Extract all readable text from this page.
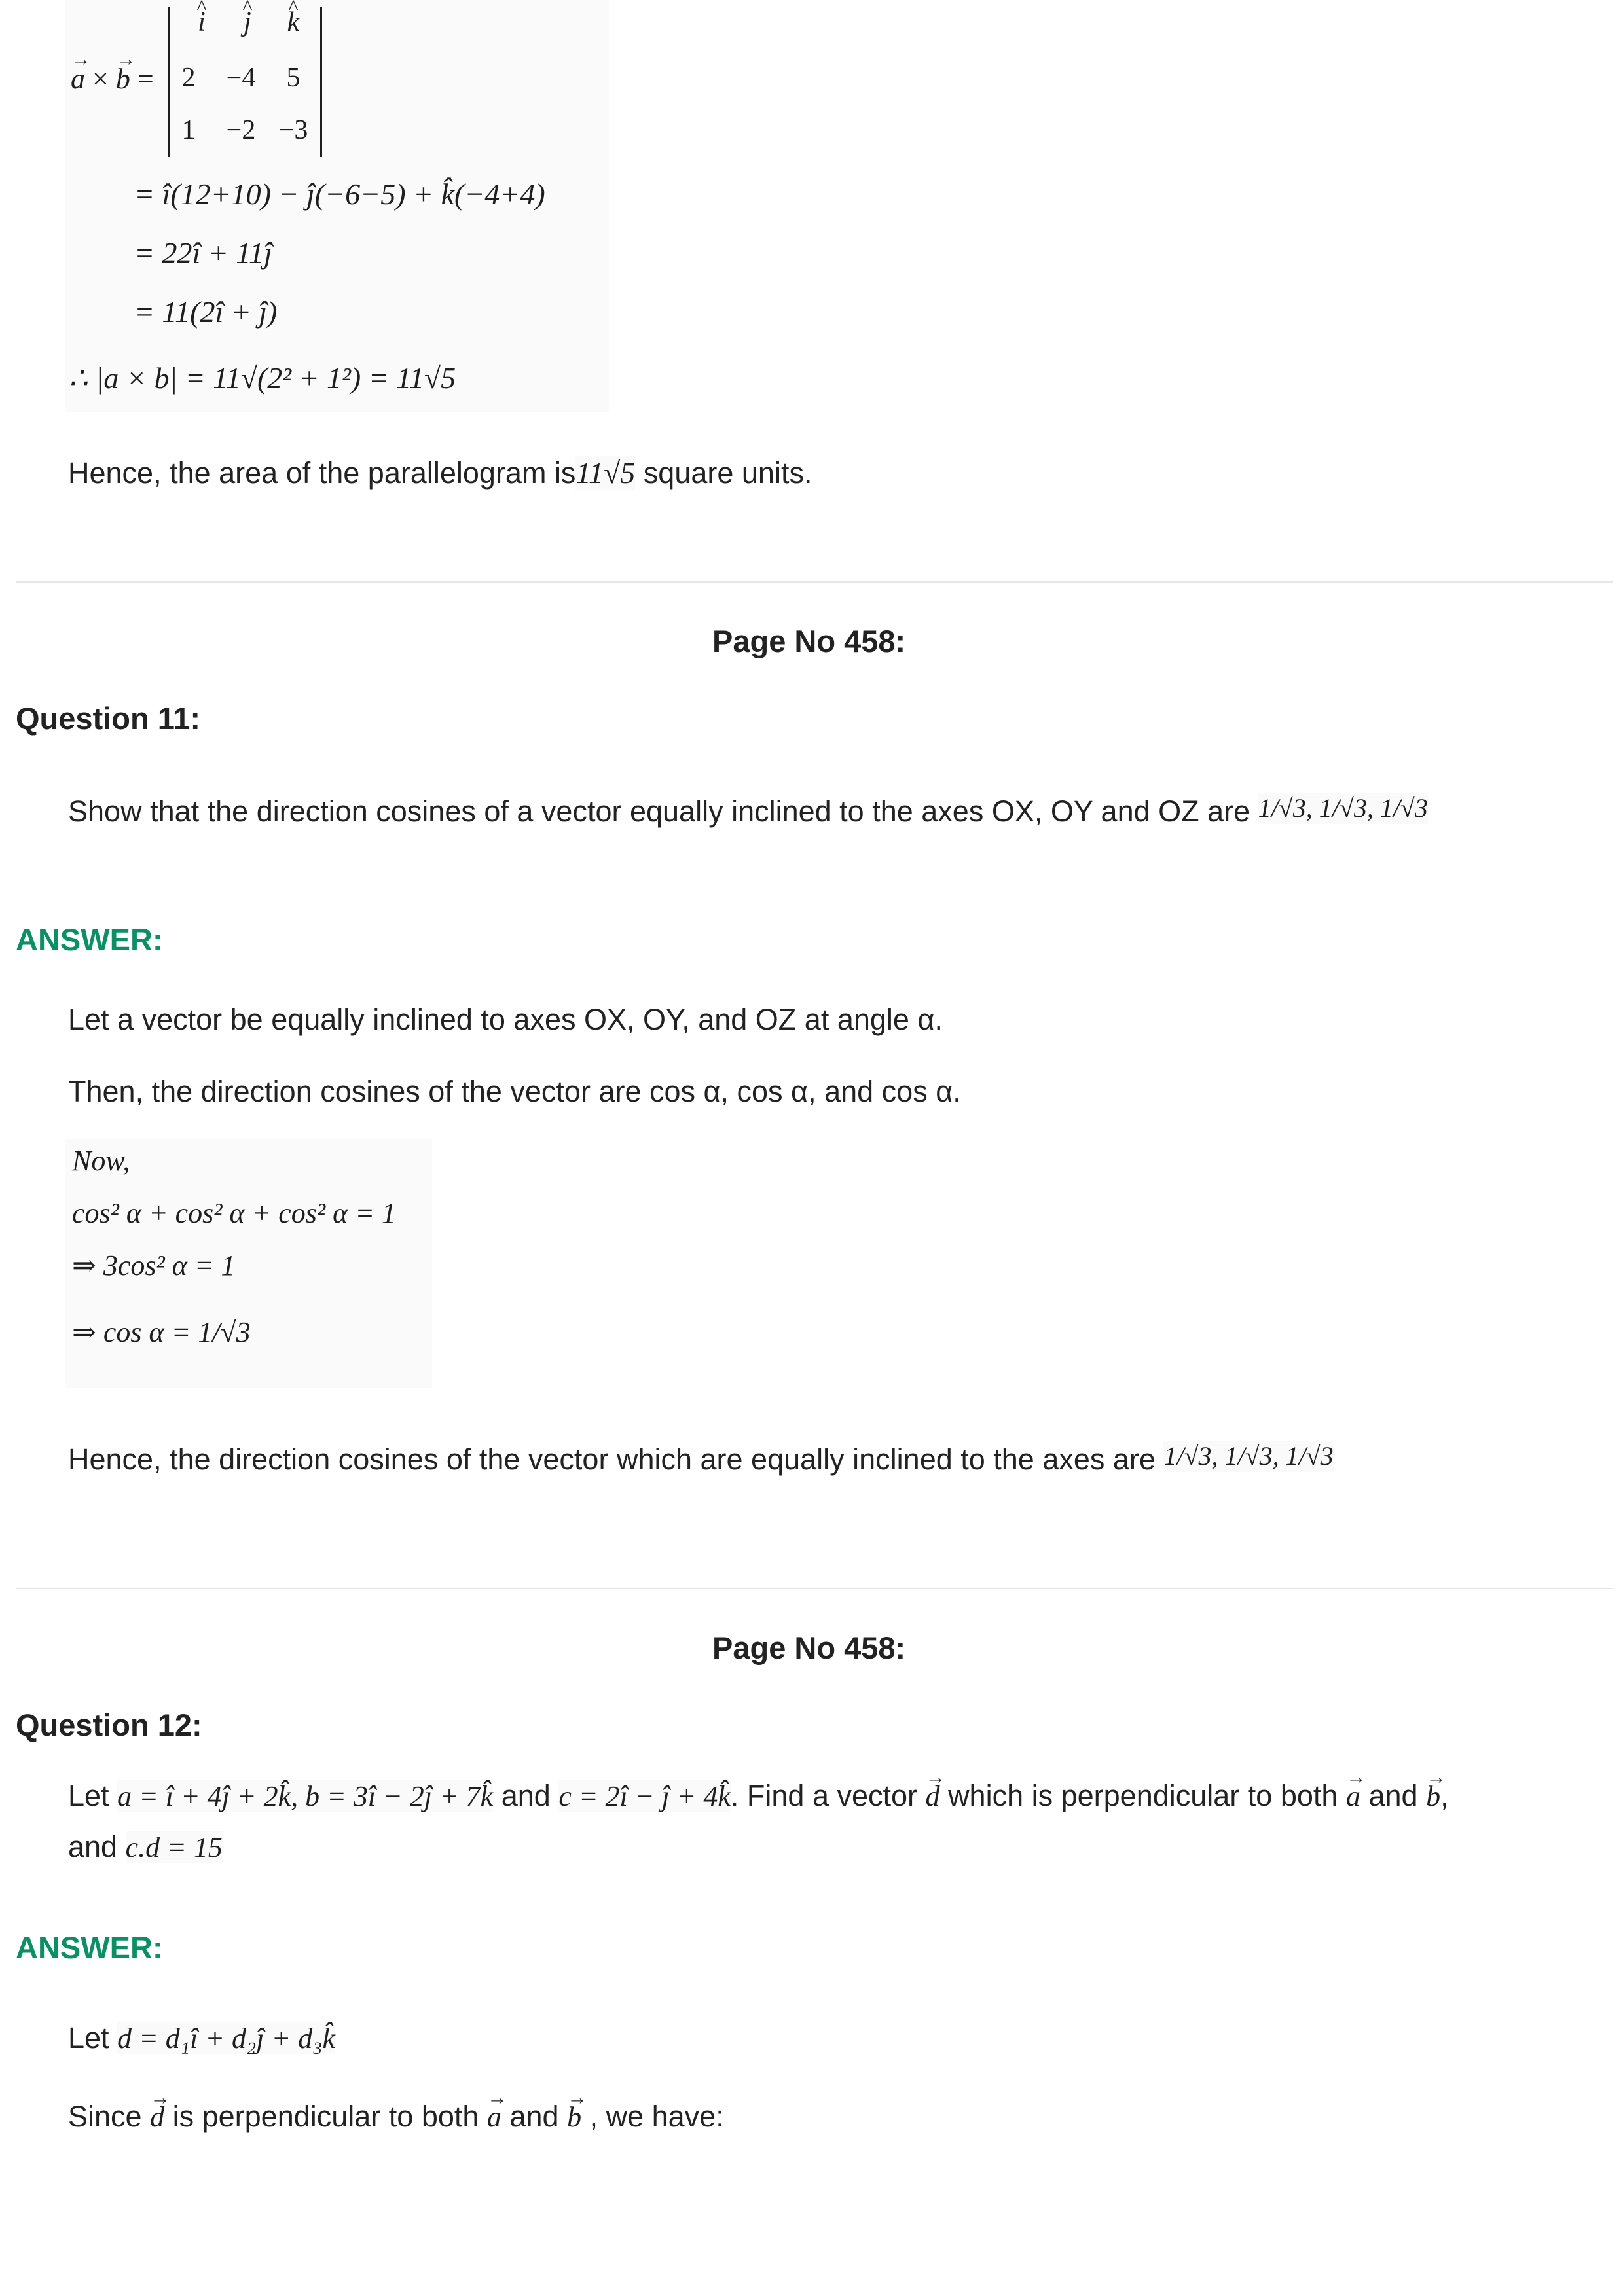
→ a × → b =
^ i	^ j	^ k
2	−4	5
1	−2 −3
= î(12+10) − ĵ(−6−5) + k̂(−4+4)
= 22î + 11ĵ
= 11(2î + ĵ)
∴ |a × b| = 11√(2² + 1²) = 11√5
Hence, the area of the parallelogram is11√5 square units.
Page No 458:
Question 11:
Show that the direction cosines of a vector equally inclined to the axes OX, OY and OZ are 1/√3, 1/√3, 1/√3
ANSWER:
Let a vector be equally inclined to axes OX, OY, and OZ at angle α.
Then, the direction cosines of the vector are cos α, cos α, and cos α.
Now,
cos² α + cos² α + cos² α = 1
⇒ 3cos² α = 1
⇒ cos α = 1/√3
Hence, the direction cosines of the vector which are equally inclined to the axes are 1/√3, 1/√3, 1/√3
Page No 458:
Question 12:
Let a = î + 4ĵ + 2k̂, b = 3î − 2ĵ + 7k̂ and c = 2î − ĵ + 4k̂. Find a vector → d which is perpendicular to both → a and → b,
and c.d = 15
ANSWER:
Let d = d₁î + d₂ĵ + d₃k̂
Since → d is perpendicular to both → a and → b , we have:
